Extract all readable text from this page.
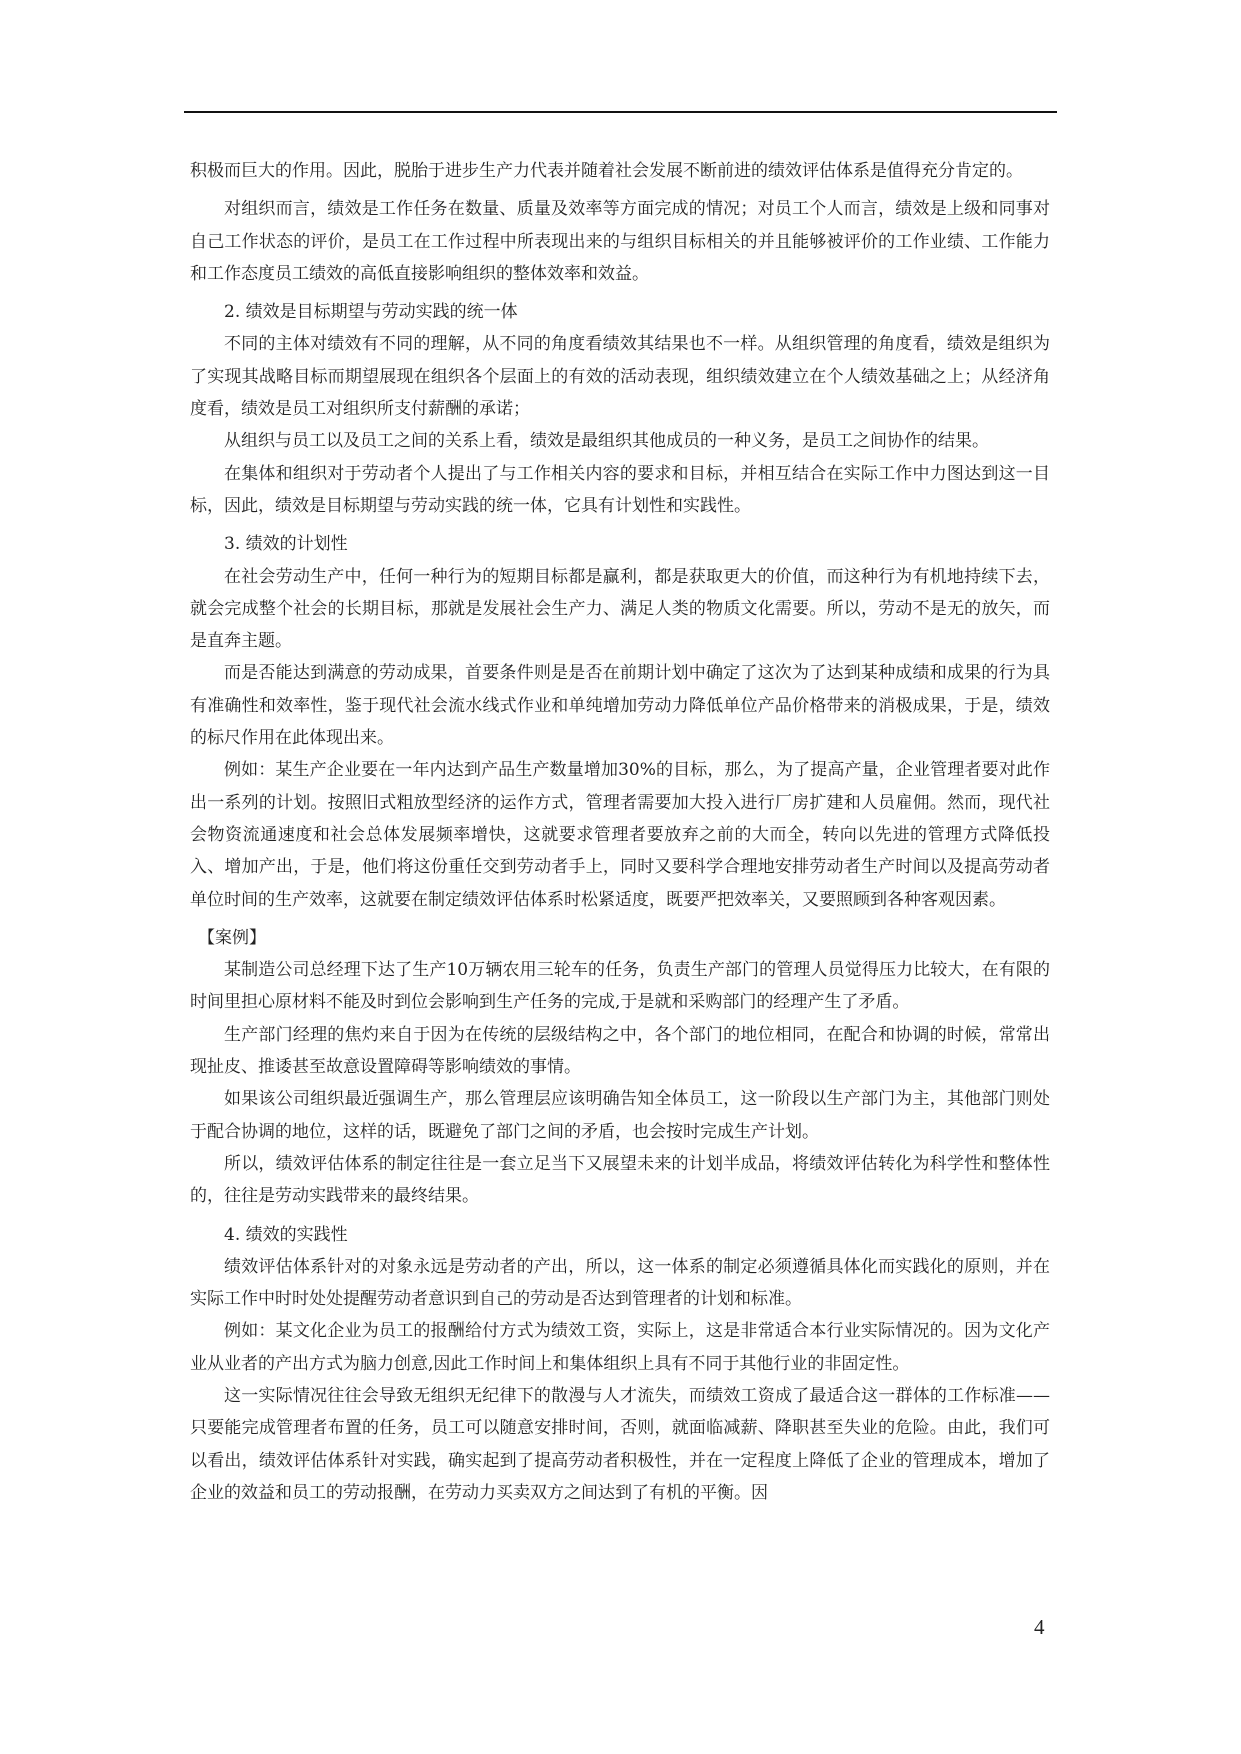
积极而巨大的作用。因此，脱胎于进步生产力代表并随着社会发展不断前进的绩效评估体系是值得充分肯定的。

对组织而言，绩效是工作任务在数量、质量及效率等方面完成的情况；对员工个人而言，绩效是上级和同事对自己工作状态的评价，是员工在工作过程中所表现出来的与组织目标相关的并且能够被评价的工作业绩、工作能力和工作态度员工绩效的高低直接影响组织的整体效率和效益。

2. 绩效是目标期望与劳动实践的统一体

不同的主体对绩效有不同的理解，从不同的角度看绩效其结果也不一样。从组织管理的角度看，绩效是组织为了实现其战略目标而期望展现在组织各个层面上的有效的活动表现，组织绩效建立在个人绩效基础之上；从经济角度看，绩效是员工对组织所支付薪酬的承诺；

从组织与员工以及员工之间的关系上看，绩效是最组织其他成员的一种义务，是员工之间协作的结果。

在集体和组织对于劳动者个人提出了与工作相关内容的要求和目标，并相互结合在实际工作中力图达到这一目标，因此，绩效是目标期望与劳动实践的统一体，它具有计划性和实践性。

3. 绩效的计划性

在社会劳动生产中，任何一种行为的短期目标都是赢利，都是获取更大的价值，而这种行为有机地持续下去，就会完成整个社会的长期目标，那就是发展社会生产力、满足人类的物质文化需要。所以，劳动不是无的放矢，而是直奔主题。

而是否能达到满意的劳动成果，首要条件则是是否在前期计划中确定了这次为了达到某种成绩和成果的行为具有准确性和效率性，鉴于现代社会流水线式作业和单纯增加劳动力降低单位产品价格带来的消极成果，于是，绩效的标尺作用在此体现出来。

例如：某生产企业要在一年内达到产品生产数量增加30%的目标，那么，为了提高产量，企业管理者要对此作出一系列的计划。按照旧式粗放型经济的运作方式，管理者需要加大投入进行厂房扩建和人员雇佣。然而，现代社会物资流通速度和社会总体发展频率增快，这就要求管理者要放弃之前的大而全，转向以先进的管理方式降低投入、增加产出，于是，他们将这份重任交到劳动者手上，同时又要科学合理地安排劳动者生产时间以及提高劳动者单位时间的生产效率，这就要在制定绩效评估体系时松紧适度，既要严把效率关，又要照顾到各种客观因素。

【案例】

某制造公司总经理下达了生产10万辆农用三轮车的任务，负责生产部门的管理人员觉得压力比较大，在有限的时间里担心原材料不能及时到位会影响到生产任务的完成,于是就和采购部门的经理产生了矛盾。

生产部门经理的焦灼来自于因为在传统的层级结构之中，各个部门的地位相同，在配合和协调的时候，常常出现扯皮、推诿甚至故意设置障碍等影响绩效的事情。

如果该公司组织最近强调生产，那么管理层应该明确告知全体员工，这一阶段以生产部门为主，其他部门则处于配合协调的地位，这样的话，既避免了部门之间的矛盾，也会按时完成生产计划。

所以，绩效评估体系的制定往往是一套立足当下又展望未来的计划半成品，将绩效评估转化为科学性和整体性的，往往是劳动实践带来的最终结果。

4. 绩效的实践性

绩效评估体系针对的对象永远是劳动者的产出，所以，这一体系的制定必须遵循具体化而实践化的原则，并在实际工作中时时处处提醒劳动者意识到自己的劳动是否达到管理者的计划和标准。

例如：某文化企业为员工的报酬给付方式为绩效工资，实际上，这是非常适合本行业实际情况的。因为文化产业从业者的产出方式为脑力创意,因此工作时间上和集体组织上具有不同于其他行业的非固定性。

这一实际情况往往会导致无组织无纪律下的散漫与人才流失，而绩效工资成了最适合这一群体的工作标准——只要能完成管理者布置的任务，员工可以随意安排时间，否则，就面临减薪、降职甚至失业的危险。由此，我们可以看出，绩效评估体系针对实践，确实起到了提高劳动者积极性，并在一定程度上降低了企业的管理成本，增加了企业的效益和员工的劳动报酬，在劳动力买卖双方之间达到了有机的平衡。因

4
